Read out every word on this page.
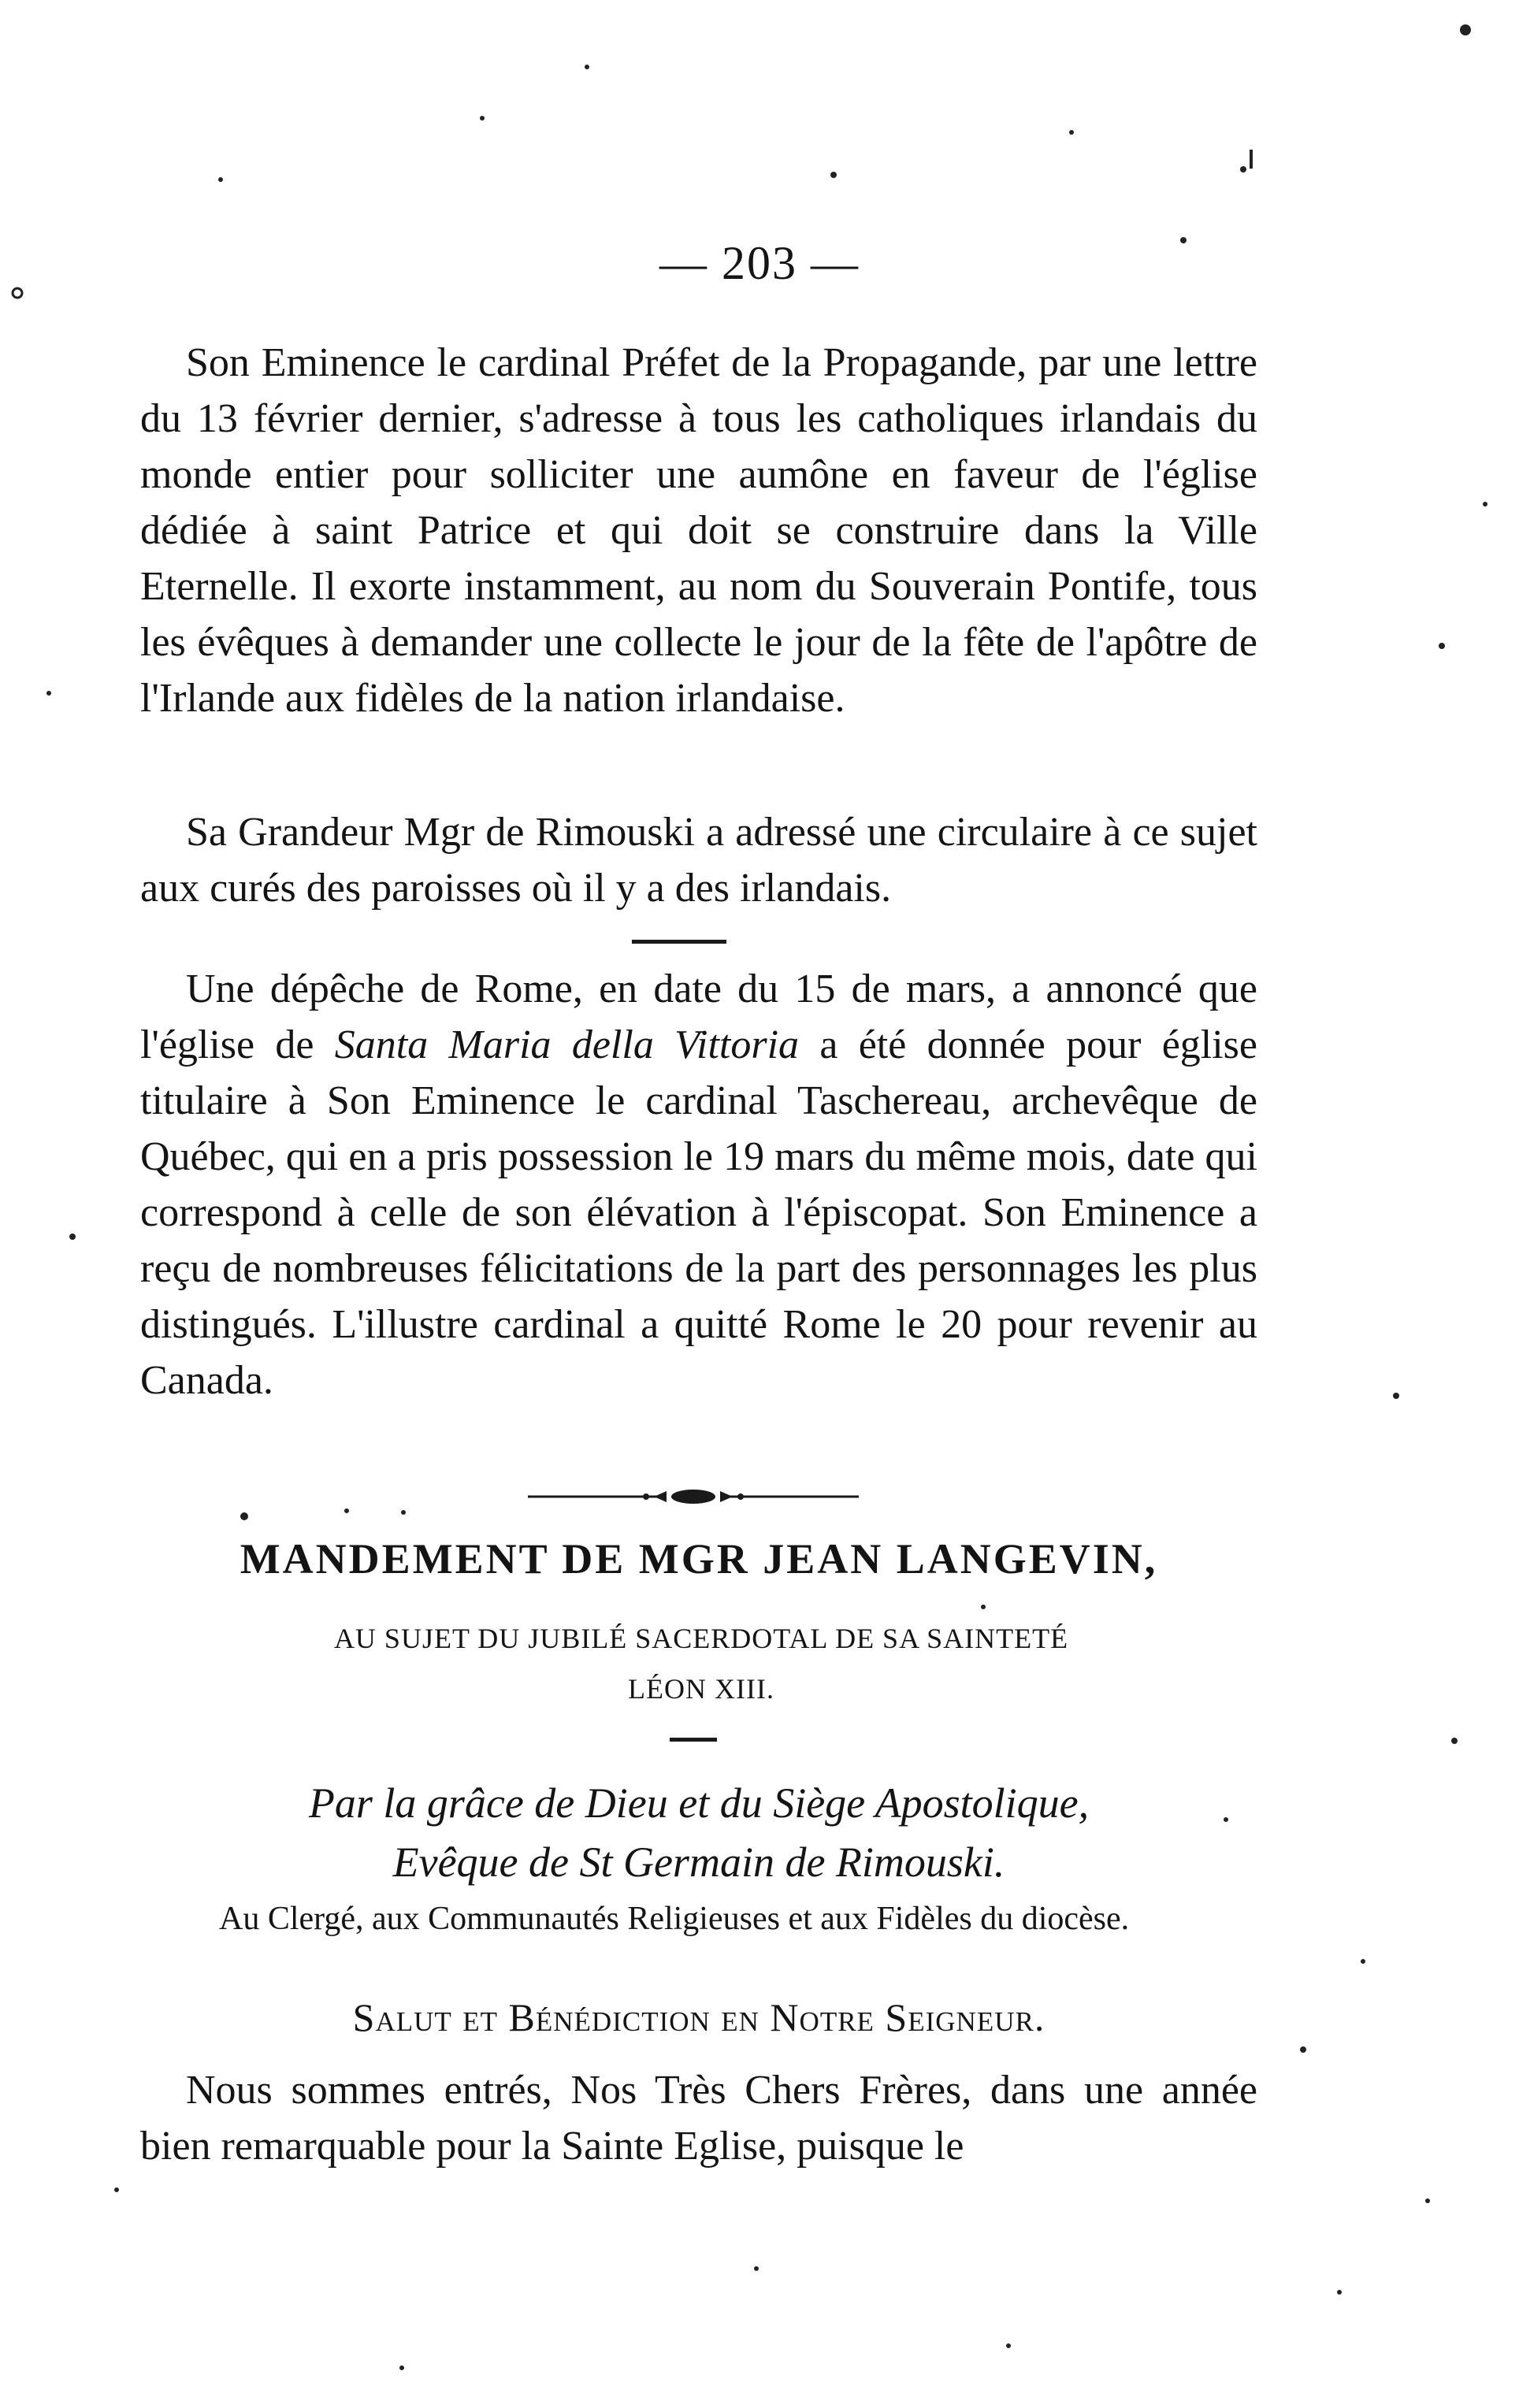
— 203 —

Son Eminence le cardinal Préfet de la Propagande, par une lettre du 13 février dernier, s'adresse à tous les catholiques irlandais du monde entier pour solliciter une aumône en faveur de l'église dédiée à saint Patrice et qui doit se construire dans la Ville Eternelle. Il exorte instamment, au nom du Souverain Pontife, tous les évêques à demander une collecte le jour de la fête de l'apôtre de l'Irlande aux fidèles de la nation irlandaise.

Sa Grandeur Mgr de Rimouski a adressé une circulaire à ce sujet aux curés des paroisses où il y a des irlandais.

Une dépêche de Rome, en date du 15 de mars, a annoncé que l'église de Santa Maria della Vittoria a été donnée pour église titulaire à Son Eminence le cardinal Taschereau, archevêque de Québec, qui en a pris possession le 19 mars du même mois, date qui correspond à celle de son élévation à l'épiscopat. Son Eminence a reçu de nombreuses félicitations de la part des personnages les plus distingués. L'illustre cardinal a quitté Rome le 20 pour revenir au Canada.

MANDEMENT DE MGR JEAN LANGEVIN,
AU SUJET DU JUBILÉ SACERDOTAL DE SA SAINTETÉ
LÉON XIII.
Par la grâce de Dieu et du Siège Apostolique,
Evêque de St Germain de Rimouski.

Au Clergé, aux Communautés Religieuses et aux Fidèles du diocèse.

Salut et Bénédiction en Notre Seigneur.

Nous sommes entrés, Nos Très Chers Frères, dans une année bien remarquable pour la Sainte Eglise, puisque le
